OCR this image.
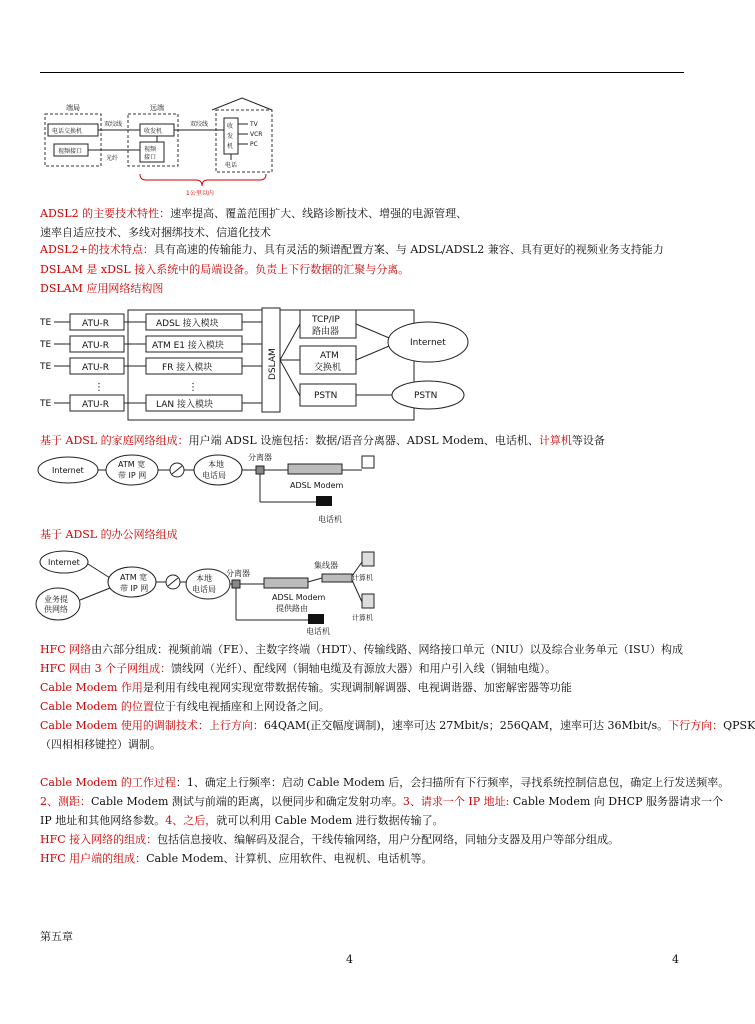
端局	远端
电话交换机
视频接口
双绞线
光纤
收发机
视频
接口
双绞线	收
发
机
TV
VCR
PC
电话
1公里以内
ADSL2 的主要技术特性：速率提高、覆盖范围扩大、线路诊断技术、增强的电源管理、
速率自适应技术、多线对捆绑技术、信道化技术
ADSL2+的技术特点：具有高速的传输能力、具有灵活的频谱配置方案、与 ADSL/ADSL2 兼容、具有更好的视频业务支持能力
DSLAM 是 xDSL 接入系统中的局端设备。负责上下行数据的汇聚与分离。
DSLAM 应用网络结构图
TE
TE
TE
TE
ATU-R
ATU-R
ATU-R
ATU-R
⋮	⋮
ADSL 接入模块
ATM E1 接入模块
FR 接入模块
LAN 接入模块
DSLAM
TCP/IP
路由器
ATM
交换机
PSTN
Internet
PSTN
基于 ADSL 的家庭网络组成：用户端 ADSL 设施包括：数据/语音分离器、ADSL Modem、电话机、计算机等设备
Internet
ATM 宽
带 IP 网
本地
电话局
分离器
ADSL Modem
电话机
基于 ADSL 的办公网络组成
Internet
业务提
供网络
ATM 宽
带 IP 网
本地
电话局
分离器
ADSL Modem
提供路由
电话机
集线器
计算机
计算机
HFC 网络由六部分组成：视频前端（FE）、主数字终端（HDT）、传输线路、网络接口单元（NIU）以及综合业务单元（ISU）构成
HFC 网由 3 个子网组成：馈线网（光纤）、配线网（铜轴电缆及有源放大器）和用户引入线（铜轴电缆）。
Cable Modem 作用是利用有线电视网实现宽带数据传输。实现调制解调器、电视调谐器、加密解密器等功能
Cable Modem 的位置位于有线电视插座和上网设备之间。
Cable Modem 使用的调制技术：上行方向：64QAM(正交幅度调制)，速率可达 27Mbit/s；256QAM，速率可达 36Mbit/s。下行方向：QPSK
（四相相移键控）调制。
Cable Modem 的工作过程：1、确定上行频率：启动 Cable Modem 后，会扫描所有下行频率，寻找系统控制信息包，确定上行发送频率。
2、测距：Cable Modem 测试与前端的距离，以便同步和确定发射功率。3、请求一个 IP 地址: Cable Modem 向 DHCP 服务器请求一个
IP 地址和其他网络参数。4、之后，就可以利用 Cable Modem 进行数据传输了。
HFC 接入网络的组成：包括信息接收、编解码及混合，干线传输网络，用户分配网络，同轴分支器及用户等部分组成。
HFC 用户端的组成：Cable Modem、计算机、应用软件、电视机、电话机等。
第五章
4	4
